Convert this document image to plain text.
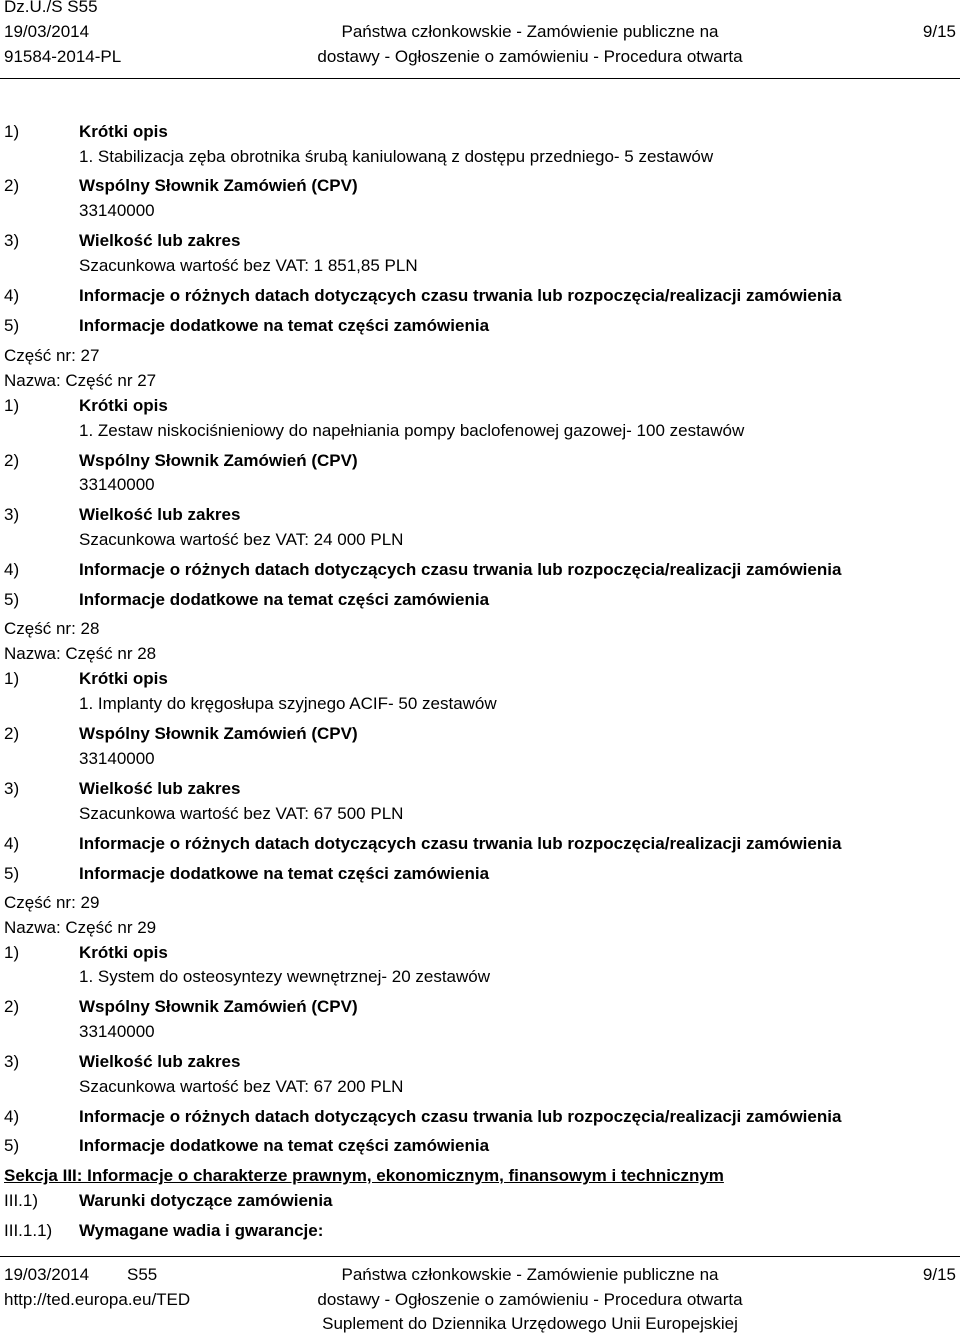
Dz.U./S S55
19/03/2014
91584-2014-PL
Państwa członkowskie - Zamówienie publiczne na
dostawy - Ogłoszenie o zamówieniu - Procedura otwarta
9/15
1)	Krótki opis
1. Stabilizacja zęba obrotnika śrubą kaniulowaną z dostępu przedniego- 5 zestawów
2)	Wspólny Słownik Zamówień (CPV)
33140000
3)	Wielkość lub zakres
Szacunkowa wartość bez VAT: 1 851,85 PLN
4)	Informacje o różnych datach dotyczących czasu trwania lub rozpoczęcia/realizacji zamówienia
5)	Informacje dodatkowe na temat części zamówienia
Część nr: 27
Nazwa: Część nr 27
1)	Krótki opis
1. Zestaw niskociśnieniowy do napełniania pompy baclofenowej gazowej- 100 zestawów
2)	Wspólny Słownik Zamówień (CPV)
33140000
3)	Wielkość lub zakres
Szacunkowa wartość bez VAT: 24 000 PLN
4)	Informacje o różnych datach dotyczących czasu trwania lub rozpoczęcia/realizacji zamówienia
5)	Informacje dodatkowe na temat części zamówienia
Część nr: 28
Nazwa: Część nr 28
1)	Krótki opis
1. Implanty do kręgosłupa szyjnego ACIF- 50 zestawów
2)	Wspólny Słownik Zamówień (CPV)
33140000
3)	Wielkość lub zakres
Szacunkowa wartość bez VAT: 67 500 PLN
4)	Informacje o różnych datach dotyczących czasu trwania lub rozpoczęcia/realizacji zamówienia
5)	Informacje dodatkowe na temat części zamówienia
Część nr: 29
Nazwa: Część nr 29
1)	Krótki opis
1. System do osteosyntezy wewnętrznej- 20 zestawów
2)	Wspólny Słownik Zamówień (CPV)
33140000
3)	Wielkość lub zakres
Szacunkowa wartość bez VAT: 67 200 PLN
4)	Informacje o różnych datach dotyczących czasu trwania lub rozpoczęcia/realizacji zamówienia
5)	Informacje dodatkowe na temat części zamówienia
Sekcja III: Informacje o charakterze prawnym, ekonomicznym, finansowym i technicznym
III.1) Warunki dotyczące zamówienia
III.1.1) Wymagane wadia i gwarancje:
19/03/2014 S55
http://ted.europa.eu/TED
Państwa członkowskie - Zamówienie publiczne na
dostawy - Ogłoszenie o zamówieniu - Procedura otwarta
Suplement do Dziennika Urzędowego Unii Europejskiej
9/15
